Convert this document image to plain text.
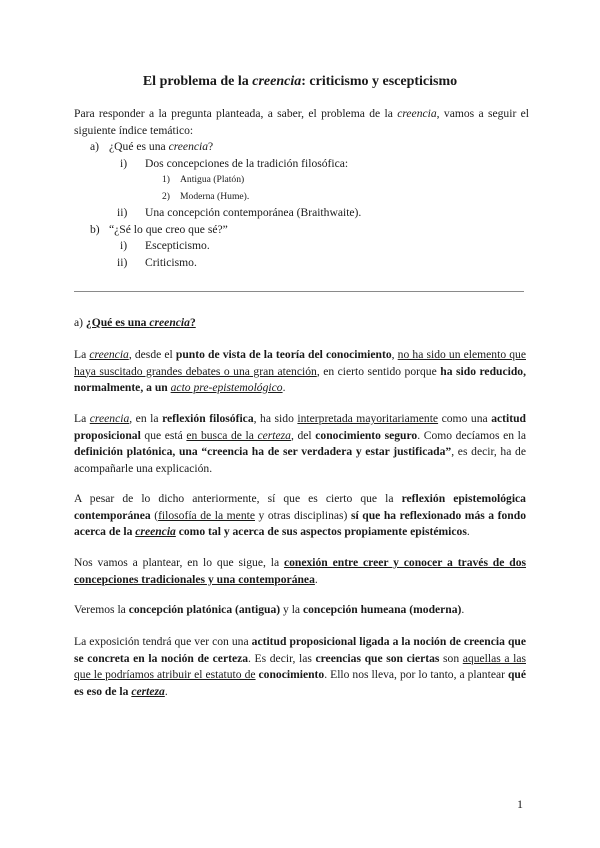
El problema de la creencia: criticismo y escepticismo
Para responder a la pregunta planteada, a saber, el problema de la creencia, vamos a seguir el siguiente índice temático:
a) ¿Qué es una creencia?
i) Dos concepciones de la tradición filosófica:
1) Antigua (Platón)
2) Moderna (Hume).
ii) Una concepción contemporánea (Braithwaite).
b) “¿Sé lo que creo que sé?”
i) Escepticismo.
ii) Criticismo.
a) ¿Qué es una creencia?
La creencia, desde el punto de vista de la teoría del conocimiento, no ha sido un elemento que haya suscitado grandes debates o una gran atención, en cierto sentido porque ha sido reducido, normalmente, a un acto pre-epistemológico.
La creencia, en la reflexión filosófica, ha sido interpretada mayoritariamente como una actitud proposicional que está en busca de la certeza, del conocimiento seguro. Como decíamos en la definición platónica, una “creencia ha de ser verdadera y estar justificada”, es decir, ha de acompañarle una explicación.
A pesar de lo dicho anteriormente, sí que es cierto que la reflexión epistemológica contemporánea (filosofía de la mente y otras disciplinas) sí que ha reflexionado más a fondo acerca de la creencia como tal y acerca de sus aspectos propiamente epistémicos.
Nos vamos a plantear, en lo que sigue, la conexión entre creer y conocer a través de dos concepciones tradicionales y una contemporánea.
Veremos la concepción platónica (antigua) y la concepción humeana (moderna).
La exposición tendrá que ver con una actitud proposicional ligada a la noción de creencia que se concreta en la noción de certeza. Es decir, las creencias que son ciertas son aquellas a las que le podríamos atribuir el estatuto de conocimiento. Ello nos lleva, por lo tanto, a plantear qué es eso de la certeza.
1
